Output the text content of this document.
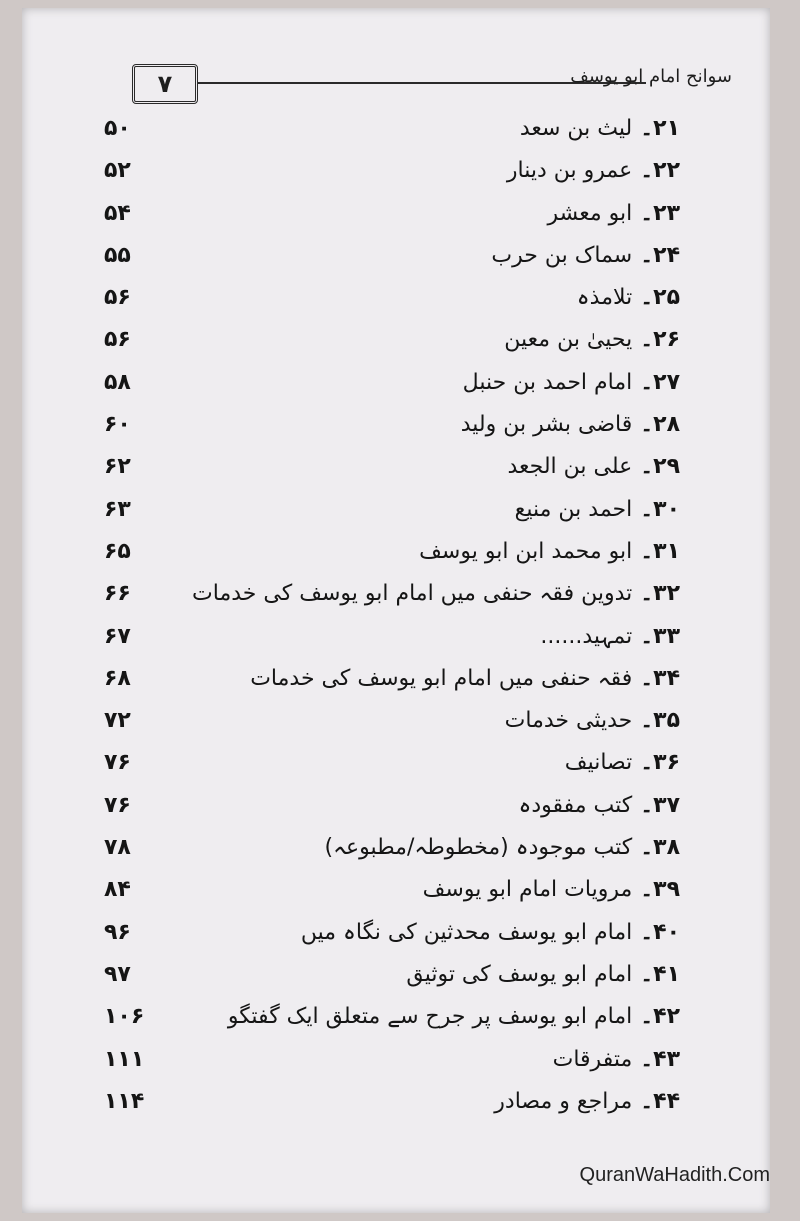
۷	سوانح امام ابو یوسف
۲۱۔
لیث بن سعد
۵۰
۲۲۔
عمرو بن دینار
۵۲
۲۳۔
ابو معشر
۵۴
۲۴۔
سماک بن حرب
۵۵
۲۵۔
تلامذہ
۵۶
۲۶۔
یحییٰ بن معین
۵۶
۲۷۔
امام احمد بن حنبل
۵۸
۲۸۔
قاضی بشر بن ولید
۶۰
۲۹۔
علی بن الجعد
۶۲
۳۰۔
احمد بن منیع
۶۳
۳۱۔
ابو محمد ابن ابو یوسف
۶۵
۳۲۔
تدوین فقہ حنفی میں امام ابو یوسف کی خدمات
۶۶
۳۳۔
تمہید......
۶۷
۳۴۔
فقہ حنفی میں امام ابو یوسف کی خدمات
۶۸
۳۵۔
حدیثی خدمات
۷۲
۳۶۔
تصانیف
۷۶
۳۷۔
کتب مفقودہ
۷۶
۳۸۔
کتب موجودہ (مخطوطہ/مطبوعہ)
۷۸
۳۹۔
مرویات امام ابو یوسف
۸۴
۴۰۔
امام ابو یوسف محدثین کی نگاہ میں
۹۶
۴۱۔
امام ابو یوسف کی توثیق
۹۷
۴۲۔
امام ابو یوسف پر جرح سے متعلق ایک گفتگو
۱۰۶
۴۳۔
متفرقات
۱۱۱
۴۴۔
مراجع و مصادر
۱۱۴
QuranWaHadith.Com
